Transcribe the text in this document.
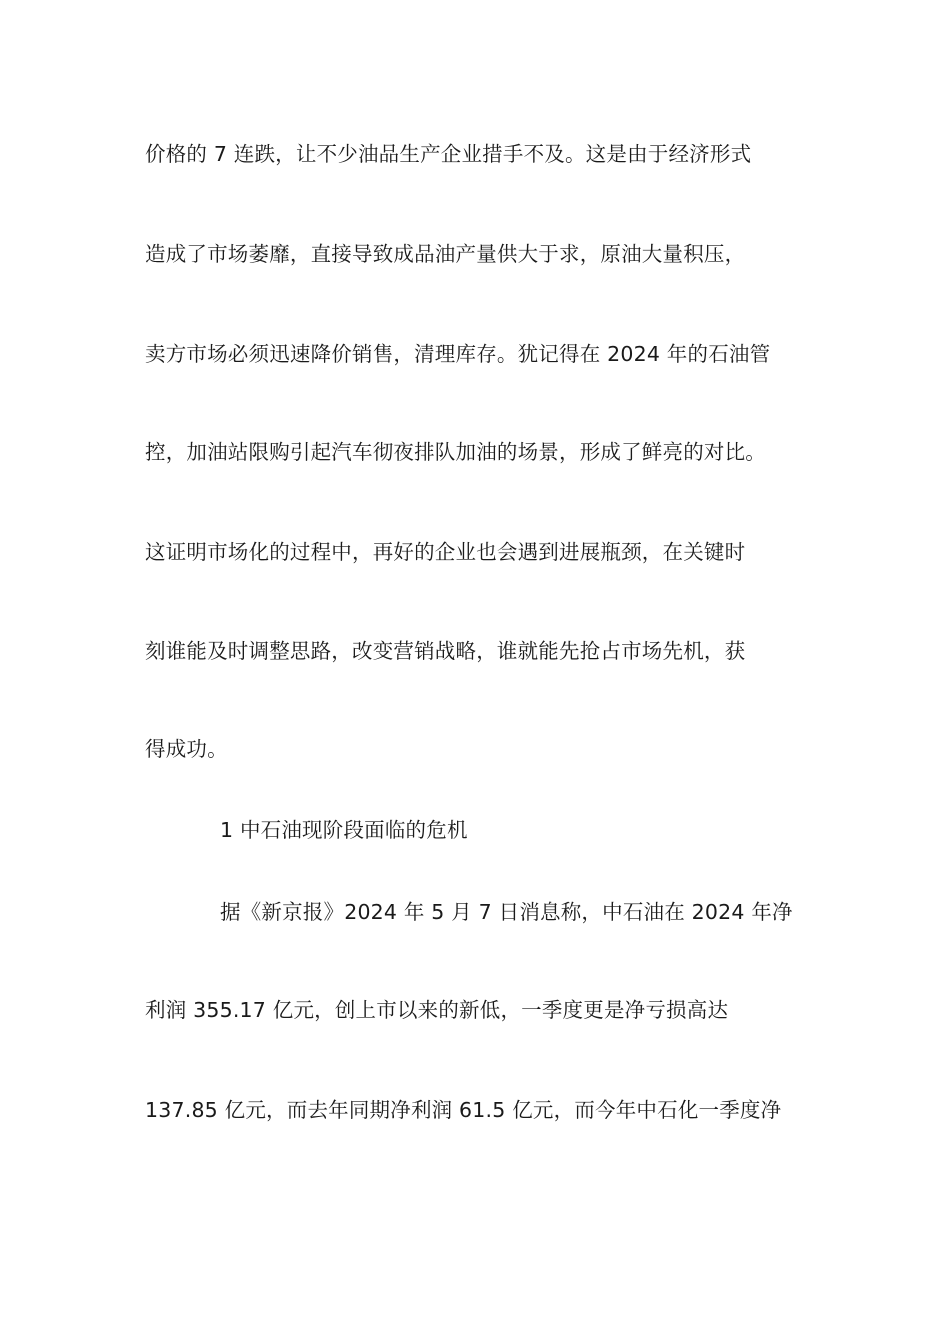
价格的 7 连跌，让不少油品生产企业措手不及。这是由于经济形式
造成了市场萎靡，直接导致成品油产量供大于求，原油大量积压，
卖方市场必须迅速降价销售，清理库存。犹记得在 2024 年的石油管
控，加油站限购引起汽车彻夜排队加油的场景，形成了鲜亮的对比。
这证明市场化的过程中，再好的企业也会遇到进展瓶颈，在关键时
刻谁能及时调整思路，改变营销战略，谁就能先抢占市场先机，获
得成功。
1 中石油现阶段面临的危机
据《新京报》2024 年 5 月 7 日消息称，中石油在 2024 年净
利润 355.17 亿元，创上市以来的新低，一季度更是净亏损高达
137.85 亿元，而去年同期净利润 61.5 亿元，而今年中石化一季度净
